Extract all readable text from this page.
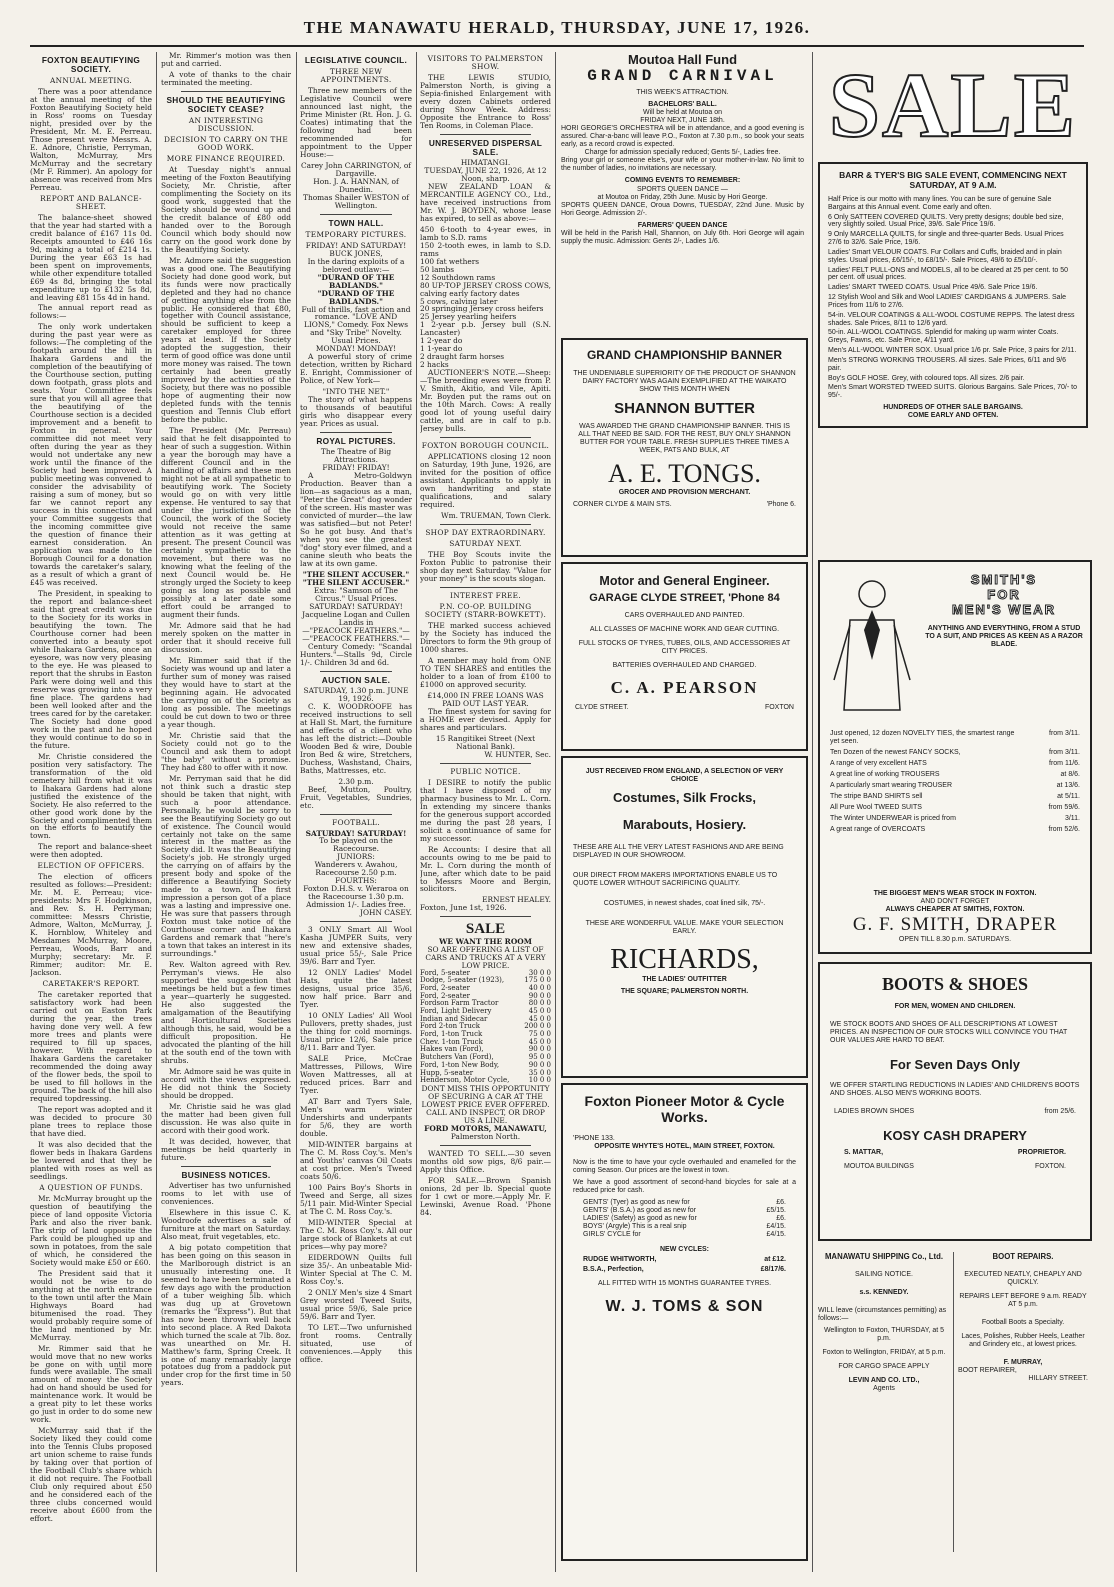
THE MANAWATU HERALD, THURSDAY, JUNE 17, 1926.
FOXTON BEAUTIFYING SOCIETY.
ANNUAL MEETING.

There was a poor attendance at the annual meeting of the Foxton Beautifying Society held in Ross' rooms on Tuesday night, presided over by the President, Mr. M. E. Perreau. Those present were Messrs. A. E. Adnore, Christie, Perryman, Walton, McMurray, Mrs McMurray and the secretary (Mr F. Rimmer). An apology for absence was received from Mrs Perreau.

REPORT AND BALANCE-SHEET.

The balance-sheet showed that the year had started with a credit balance of £167 11s 0d. Receipts amounted to £46 16s 9d, making a total of £214 1s. During the year £63 1s had been spent on improvements, while other expenditure totalled £69 4s 8d, bringing the total expenditure up to £132 5s 8d, and leaving £81 15s 4d in hand.

The annual report read as follows:—

The only work undertaken during the past year were as follows:—The completing of the footpath around the hill in Ihakara Gardens and the completion of the beautifying of the Courthouse section, putting down footpath, grass plots and seats. Your Committee feels sure that you will all agree that the beautifying of the Courthouse section is a decided improvement and a benefit to Foxton in general. Your committee did not meet very often during the year as they would not undertake any new work until the finance of the Society had been improved. A public meeting was convened to consider the advisability of raising a sum of money, but so far we cannot report any success in this connection and your Committee suggests that the incoming committee give the question of finance their earnest consideration. An application was made to the Borough Council for a donation towards the caretaker's salary, as a result of which a grant of £45 was received.

The President, in speaking to the report and balance-sheet said that great credit was due to the Society for its works in beautifying the town. The Courthouse corner had been converted into a beauty spot while Ihakara Gardens, once an eyesore, was now very pleasing to the eye. He was pleased to report that the shrubs in Easton Park were doing well and this reserve was growing into a very fine place. The gardens had been well looked after and the trees cared for by the caretaker. The Society had done good work in the past and he hoped they would continue to do so in the future.

Mr. Christie considered the position very satisfactory. The transformation of the old cemetery hill from what it was to Ihakara Gardens had alone justified the existence of the Society. He also referred to the other good work done by the Society and complimented them on the efforts to beautify the town.

The report and balance-sheet were then adopted.

ELECTION OF OFFICERS.

The election of officers resulted as follows:—President: Mr. M. E. Perreau; vice-presidents: Mrs F. Hodgkinson, and Rev. S. H. Perryman; committee: Messrs Christie, Admore, Walton, McMurray, J. K. Hornblow, Whiteley and Mesdames McMurray, Moore, Perreau, Woods, Barr and Murphy; secretary: Mr. F. Rimmer; auditor: Mr. E. Jackson.

CARETAKER'S REPORT.

The caretaker reported that satisfactory work had been carried out on Easton Park during the year, the trees having done very well. A few more trees and plants were required to fill up spaces, however. With regard to Ihakara Gardens the caretaker recommended the doing away of the flower beds, the spoil to be used to fill hollows in the ground. The back of the hill also required topdressing.

The report was adopted and it was decided to procure 30 plane trees to replace those that have died.

It was also decided that the flower beds in Ihakara Gardens be lowered and that they be planted with roses as well as seedlings.

A QUESTION OF FUNDS.

Mr. McMurray brought up the question of beautifying the piece of land opposite Victoria Park and also the river bank. The strip of land opposite the Park could be ploughed up and sown in potatoes, from the sale of which, he considered the Society would make £50 or £60.

The President said that it would not be wise to do anything at the north entrance to the town until after the Main Highways Board had bitumenised the road. They would probably require some of the land mentioned by Mr. McMurray.

Mr. Rimmer said that he would move that no new works be gone on with until more funds were available. The small amount of money the Society had on hand should be used for maintenance work. It would be a great pity to let these works go just in order to do some new work.

McMurray said that if the Society liked they could come into the Tennis Clubs proposed art union scheme to raise funds by taking over that portion of the Football Club's share which it did not require. The Football Club only required about £50 and he considered each of the three clubs concerned would receive about £600 from the effort.

Mr. Rimmer's motion was then put and carried.

A vote of thanks to the chair terminated the meeting.

SHOULD THE BEAUTIFYING SOCIETY CEASE?
AN INTERESTING DISCUSSION.
DECISION TO CARRY ON THE GOOD WORK.
MORE FINANCE REQUIRED.

At Tuesday night's annual meeting of the Foxton Beautifying Society, Mr. Christie, after complimenting the Society on its good work, suggested that the Society should be wound up and the credit balance of £80 odd handed over to the Borough Council which body should now carry on the good work done by the Beautifying Society.

Mr. Admore said the suggestion was a good one. The Beautifying Society had done good work, but its funds were now practically depleted and they had no chance of getting anything else from the public. He considered that £80, together with Council assistance, should be sufficient to keep a caretaker employed for three years at least. If the Society adopted the suggestion, their term of good office was done until more money was raised. The town certainly had been greatly improved by the activities of the Society, but there was no possible hope of augmenting their now depleted funds with the tennis question and Tennis Club effort before the public.

The President (Mr. Perreau) said that he felt disappointed to hear of such a suggestion. Within a year the borough may have a different Council and in the handling of affairs and these men might not be at all sympathetic to beautifying work. The Society would go on with very little expense. He ventured to say that under the jurisdiction of the Council, the work of the Society would not receive the same attention as it was getting at present. The present Council was certainly sympathetic to the movement, but there was no knowing what the feeling of the next Council would be. He strongly urged the Society to keep going as long as possible and possibly at a later date some effort could be arranged to augment their funds.

Mr. Admore said that he had merely spoken on the matter in order that it should receive full discussion.

Mr. Rimmer said that if the Society was wound up and later a further sum of money was raised they would have to start at the beginning again. He advocated the carrying on of the Society as long as possible. The meetings could be cut down to two or three a year though.

Mr. Christie said that the Society could not go to the Council and ask them to adopt "the baby" without a promise. They had £80 to offer with it now.

Mr. Perryman said that he did not think such a drastic step should be taken that night, with such a poor attendance. Personally, he would be sorry to see the Beautifying Society go out of existence. The Council would certainly not take on the same interest in the matter as the Society did. It was the Beautifying Society's job. He strongly urged the carrying on of affairs by the present body and spoke of the difference a Beautifying Society made to a town. The first impression a person got of a place was a lasting and impressive one. He was sure that passers through Foxton must take notice of the Courthouse corner and Ihakara Gardens and remark that "here's a town that takes an interest in its surroundings."

Rev. Walton agreed with Rev. Perryman's views. He also supported the suggestion that meetings be held but a few times a year—quarterly he suggested. He also suggested the amalgamation of the Beautifying and Horticultural Societies although this, he said, would be a difficult proposition. He advocated the planting of the hill at the south end of the town with shrubs.

Mr. Admore said he was quite in accord with the views expressed. He did not think the Society should be dropped.

Mr. Christie said he was glad the matter had been given full discussion. He was also quite in accord with their good work.

It was decided, however, that meetings be held quarterly in future.

BUSINESS NOTICES.

Advertiser has two unfurnished rooms to let with use of conveniences.

Elsewhere in this issue C. K. Woodroofe advertises a sale of furniture at the mart on Saturday. Also meat, fruit vegetables, etc.

A big potato competition that has been going on this season in the Marlborough district is an unusually interesting one. It seemed to have been terminated a few days ago with the production of a tuber weighing 5lb. which was dug up at Grovetown (remarks the "Express"). But that has now been thrown well back into second place. A Red Dakota which turned the scale at 7lb. 8oz. was unearthed on Mr. H. Matthew's farm, Spring Creek. It is one of many remarkably large potatoes dug from a paddock put under crop for the first time in 50 years.

LEGISLATIVE COUNCIL.
THREE NEW APPOINTMENTS.

Three new members of the Legislative Council were announced last night, the Prime Minister (Rt. Hon. J. G. Coates) intimating that the following had been recommended for appointment to the Upper House:—

Carey John CARRINGTON, of Dargaville.
Hon. J. A. HANNAN, of Dunedin.
Thomas Shailer WESTON of Wellington.
TOWN HALL.
TEMPORARY PICTURES.
FRIDAY! AND SATURDAY!
BUCK JONES,
In the daring exploits of a beloved outlaw:—
"DURAND OF THE BADLANDS."
"DURAND OF THE BADLANDS."
Full of thrills, fast action and romance. "LOVE AND LIONS," Comedy. Fox News and "Sky Tribe" Novelty.
Usual Prices.
MONDAY! MONDAY!

A powerful story of crime detection, written by Richard E. Enright, Commissioner of Police, of New York—

"INTO THE NET."

The story of what happens to thousands of beautiful girls who disappear every year. Prices as usual.

ROYAL PICTURES.
The Theatre of Big Attractions.
FRIDAY! FRIDAY!

A Metro-Goldwyn Production. Beaver than a lion—as sagacious as a man, "Peter the Great" dog wonder of the screen. His master was convicted of murder—the law was satisfied—but not Peter! So he got busy. And that's when you see the greatest "dog" story ever filmed, and a canine sleuth who beats the law at its own game.

"THE SILENT ACCUSER."
"THE SILENT ACCUSER."
Extra: "Samson of The Circus." Usual Prices.
SATURDAY! SATURDAY!
Jacqueline Logan and Cullen Landis in
—"PEACOCK FEATHERS."—
—"PEACOCK FEATHERS."—

Century Comedy: "Scandal Hunters."—Stalls 9d, Circle 1/-. Children 3d and 6d.

AUCTION SALE.
SATURDAY, 1.30 p.m. JUNE 19, 1926.

C. K. WOODROOFE has received instructions to sell at Hall St. Mart, the furniture and effects of a client who has left the district:—Double Wooden Bed & wire, Double Iron Bed & wire, Stretchers, Duchess, Washstand, Chairs, Baths, Mattresses, etc.

2.30 p.m.

Beef, Mutton, Poultry, Fruit, Vegetables, Sundries, etc.

FOOTBALL.
SATURDAY! SATURDAY!
To be played on the Racecourse.
JUNIORS:
Wanderers v. Awahou, Racecourse 2.50 p.m.
FOURTHS:
Foxton D.H.S. v. Weraroa on the Racecourse 1.30 p.m.
Admission 1/-. Ladies free.
JOHN CASEY.

3 ONLY Smart All Wool Kasha JUMPER Suits, very new and extensive shades, usual price 55/-, Sale Price 39/6. Barr and Tyer.

12 ONLY Ladies' Model Hats, quite the latest designs, usual price 35/6, now half price. Barr and Tyer.

10 ONLY Ladies' All Wool Pullovers, pretty shades, just the thing for cold mornings. Usual price 12/6, Sale price 8/11. Barr and Tyer.

SALE Price, McCrae Mattresses, Pillows, Wire Woven Mattresses, all at reduced prices. Barr and Tyer.

AT Barr and Tyers Sale, Men's warm winter Undershirts and underpants for 5/6, they are worth double.

MID-WINTER bargains at The C. M. Ross Coy.'s. Men's and Youths' canvas Oil Coats at cost price. Men's Tweed coats 50/6.

100 Pairs Boy's Shorts in Tweed and Serge, all sizes 5/11 pair. Mid-Winter Special at The C. M. Ross Coy.'s.

MID-WINTER Special at The C. M. Ross Coy.'s. All our large stock of Blankets at cut prices—why pay more?

EIDERDOWN Quilts full size 35/-. An unbeatable Mid-Winter Special at The C. M. Ross Coy.'s.

2 ONLY Men's size 4 Smart Grey worsted Tweed Suits, usual price 59/6, Sale price 59/6. Barr and Tyer.

TO LET.—Two unfurnished front rooms. Centrally situated, use of conveniences.—Apply this office.

VISITORS TO PALMERSTON SHOW.

THE LEWIS STUDIO, Palmerston North, is giving a Sepia-finished Enlargement with every dozen Cabinets ordered during Show Week. Address: Opposite the Entrance to Ross' Ten Rooms, in Coleman Place.

UNRESERVED DISPERSAL SALE.
HIMATANGI.
TUESDAY, JUNE 22, 1926, At 12 Noon, sharp.

NEW ZEALAND LOAN & MERCANTILE AGENCY CO., Ltd., have received instructions from Mr. W. J. BOYDEN, whose lease has expired, to sell as above:—

450 6-tooth to 4-year ewes, in lamb to S.D. rams
150 2-tooth ewes, in lamb to S.D. rams
100 fat wethers
50 lambs
12 Southdown rams
80 UP-TOP JERSEY CROSS COWS, calving early factory dates
5 cows, calving later
20 springing Jersey cross heifers
25 Jersey yearling heifers
1 2-year p.b. Jersey bull (S.N. Lancaster)
1 2-year do
1 1-year do
2 draught farm horses
2 hacks

AUCTIONEER'S NOTE.—Sheep: —The breeding ewes were from P. V. Smith, Akitio, and Vile, Apiti. Mr. Boyden put the rams out on the 10th March. Cows: A really good lot of young useful dairy cattle, and are in calf to p.b. Jersey bulls.

FOXTON BOROUGH COUNCIL.

APPLICATIONS closing 12 noon on Saturday, 19th June, 1926, are invited for the position of office assistant. Applicants to apply in own handwriting and state qualifications, and salary required.

Wm. TRUEMAN, Town Clerk.
SHOP DAY EXTRAORDINARY.
SATURDAY NEXT.

THE Boy Scouts invite the Foxton Public to patronise their shop day next Saturday. "Value for your money" is the scouts slogan.

INTEREST FREE.
P.N. CO-OP. BUILDING SOCIETY (STARR-BOWKETT).

THE marked success achieved by the Society has induced the Directors to form the 9th group of 1000 shares.

A member may hold from ONE TO TEN SHARES and entitles the holder to a loan of from £100 to £1000 on approved security.

£14,000 IN FREE LOANS WAS PAID OUT LAST YEAR.

The finest system for saving for a HOME ever devised. Apply for shares and particulars.

15 Rangitikei Street (Next National Bank).
W. HUNTER, Sec.
PUBLIC NOTICE.

I DESIRE to notify the public that I have disposed of my pharmacy business to Mr. L. Corn. In extending my sincere thanks for the generous support accorded me during the past 28 years, I solicit a continuance of same for my successor.

Re Accounts: I desire that all accounts owing to me be paid to Mr. L. Corn during the month of June, after which date to be paid to Messrs Moore and Bergin, solicitors.

ERNEST HEALEY.
Foxton, June 1st, 1926.
SALE
WE WANT THE ROOM
SO ARE OFFERING A LIST OF CARS AND TRUCKS AT A VERY LOW PRICE.
Ford, 5-seater	30 0 0
Dodge, 5-seater (1923),	175 0 0
Ford, 2-seater	40 0 0
Ford, 2-seater	90 0 0
Fordson Farm Tractor	80 0 0
Ford, Light Delivery	45 0 0
Indian and Sidecar	45 0 0
Ford 2-ton Truck	200 0 0
Ford, 1-ton Truck	75 0 0
Chev. 1-ton Truck	45 0 0
Hakes van (Ford),	90 0 0
Butchers Van (Ford),	95 0 0
Ford, 1-ton New Body,	90 0 0
Hupp, 5-seater	35 0 0
Henderson, Motor Cycle,	10 0 0
DONT MISS THIS OPPORTUNITY OF SECURING A CAR AT THE LOWEST PRICE EVER OFFERED. CALL AND INSPECT, OR DROP US A LINE.
FORD MOTORS, MANAWATU,
Palmerston North.

WANTED TO SELL.—30 seven months old sow pigs, 8/6 pair.—Apply this Office.

FOR SALE.—Brown Spanish onions, 2d per lb. Special quote for 1 cwt or more.—Apply Mr. F. Lewinski, Avenue Road. 'Phone 84.

Moutoa Hall Fund
GRAND CARNIVAL
THIS WEEK'S ATTRACTION.
BACHELORS' BALL.
Will be held at Moutoa on
FRIDAY NEXT, JUNE 18th.
HORI GEORGE'S ORCHESTRA will be in attendance, and a good evening is assured. Char-a-banc will leave P.O., Foxton at 7.30 p.m., so book your seats early, as a record crowd is expected.
Charge for admission specially reduced; Gents 5/-, Ladies free.
Bring your girl or someone else's, your wife or your mother-in-law. No limit to the number of ladies, no invitations are necessary.
COMING EVENTS TO REMEMBER:
SPORTS QUEEN DANCE —
at Moutoa on Friday, 25th June. Music by Hori George.
SPORTS QUEEN DANCE, Oroua Downs, TUESDAY, 22nd June. Music by Hori George. Admission 2/-.
FARMERS' QUEEN DANCE
Will be held in the Parish Hall, Shannon, on July 6th. Hori George will again supply the music. Admission: Gents 2/-, Ladies 1/6.
GRAND CHAMPIONSHIP BANNER
THE UNDENIABLE SUPERIORITY OF THE PRODUCT OF SHANNON DAIRY FACTORY WAS AGAIN EXEMPLIFIED AT THE WAIKATO SHOW THIS MONTH WHEN
SHANNON BUTTER
WAS AWARDED THE GRAND CHAMPIONSHIP BANNER. THIS IS ALL THAT NEED BE SAID. FOR THE REST, BUY ONLY SHANNON BUTTER FOR YOUR TABLE. FRESH SUPPLIES THREE TIMES A WEEK, PATS AND BULK, AT
A. E. TONGS.
GROCER AND PROVISION MERCHANT.
CORNER CLYDE & MAIN STS.	'Phone 6.
Motor and General Engineer.
GARAGE CLYDE STREET, 'Phone 84
CARS OVERHAULED AND PAINTED.
ALL CLASSES OF MACHINE WORK AND GEAR CUTTING.
FULL STOCKS OF TYRES, TUBES, OILS, AND ACCESSORIES AT CITY PRICES.
BATTERIES OVERHAULED AND CHARGED.
C. A. PEARSON
CLYDE STREET.	FOXTON
JUST RECEIVED FROM ENGLAND, A SELECTION OF VERY CHOICE
Costumes, Silk Frocks,
Marabouts, Hosiery.
THESE ARE ALL THE VERY LATEST FASHIONS AND ARE BEING DISPLAYED IN OUR SHOWROOM.
OUR DIRECT FROM MAKERS IMPORTATIONS ENABLE US TO QUOTE LOWER WITHOUT SACRIFICING QUALITY.
COSTUMES, in newest shades, coat lined silk, 75/-.
THESE ARE WONDERFUL VALUE. MAKE YOUR SELECTION EARLY.
RICHARDS,
THE LADIES' OUTFITTER
THE SQUARE; PALMERSTON NORTH.
Foxton Pioneer Motor & Cycle Works.
'PHONE 133.
OPPOSITE WHYTE'S HOTEL, MAIN STREET, FOXTON.
Now is the time to have your cycle overhauled and enamelled for the coming Season. Our prices are the lowest in town.
We have a good assortment of second-hand bicycles for sale at a reduced price for cash.
GENTS' (Tyer) as good as new for	£6.
GENTS' (B.S.A.) as good as new for	£5/15.
LADIES' (Safety) as good as new for	£6.
BOYS' (Argyle) This is a real snip	£4/15.
GIRLS' CYCLE for	£4/15.
NEW CYCLES:
RUDGE WHITWORTH,	at £12.
B.S.A., Perfection,	£8/17/6.
ALL FITTED WITH 15 MONTHS GUARANTEE TYRES.
W. J. TOMS & SON
SALE
BARR & TYER'S BIG SALE EVENT, COMMENCING NEXT SATURDAY, AT 9 A.M.
Half Price is our motto with many lines. You can be sure of genuine Sale Bargains at this Annual event. Come early and often.
6 Only SATTEEN COVERED QUILTS. Very pretty designs; double bed size, very slightly soiled. Usual Price, 39/6. Sale Price 19/6.
9 Only MARCELLA QUILTS, for single and three-quarter Beds. Usual Prices 27/6 to 32/6. Sale Price, 19/6.
Ladies' Smart VELOUR COATS. Fur Collars and Cuffs, braided and in plain styles. Usual prices, £6/15/-, to £8/15/-. Sale Prices, 49/6 to £5/10/-.
Ladies' FELT PULL-ONS and MODELS, all to be cleared at 25 per cent. to 50 per cent. off usual prices.
Ladies' SMART TWEED COATS. Usual Price 49/6. Sale Price 19/6.
12 Stylish Wool and Silk and Wool LADIES' CARDIGANS & JUMPERS. Sale Prices from 11/6 to 27/6.
54-in. VELOUR COATINGS & ALL-WOOL COSTUME REPPS. The latest dress shades. Sale Prices, 8/11 to 12/6 yard.
50-in. ALL-WOOL COATINGS. Splendid for making up warm winter Coats. Greys, Fawns, etc. Sale Price, 4/11 yard.
Men's ALL-WOOL WINTER SOX. Usual price 1/6 pr. Sale Price, 3 pairs for 2/11.
Men's STRONG WORKING TROUSERS. All sizes. Sale Prices, 6/11 and 9/6 pair.
Boy's GOLF HOSE. Grey, with coloured tops. All sizes. 2/6 pair.
Men's Smart WORSTED TWEED SUITS. Glorious Bargains. Sale Prices, 70/- to 95/-.
HUNDREDS OF OTHER SALE BARGAINS.
COME EARLY AND OFTEN.
SMITH'S
FOR
MEN'S WEAR
ANYTHING AND EVERYTHING, FROM A STUD TO A SUIT, AND PRICES AS KEEN AS A RAZOR BLADE.
Just opened, 12 dozen NOVELTY TIES, the smartest range yet seen.
from 3/11.
Ten Dozen of the newest FANCY SOCKS,	from 3/11.
A range of very excellent HATS	from 11/6.
A great line of working TROUSERS	at 8/6.
A particularly smart wearing TROUSER	at 13/6.
The stripe BAND SHIRTS sell	at 5/11.
All Pure Wool TWEED SUITS	from 59/6.
The Winter UNDERWEAR is priced from	3/11.
A great range of OVERCOATS	from 52/6.
THE BIGGEST MEN'S WEAR STOCK IN FOXTON.
AND DON'T FORGET
ALWAYS CHEAPER AT SMITHS, FOXTON.
G. F. SMITH, DRAPER
OPEN TILL 8.30 p.m. SATURDAYS.
BOOTS & SHOES
FOR MEN, WOMEN AND CHILDREN.
WE STOCK BOOTS AND SHOES OF ALL DESCRIPTIONS AT LOWEST PRICES. AN INSPECTION OF OUR STOCKS WILL CONVINCE YOU THAT OUR VALUES ARE HARD TO BEAT.
For Seven Days Only
WE OFFER STARTLING REDUCTIONS IN LADIES' AND CHILDREN'S BOOTS AND SHOES. ALSO MEN'S WORKING BOOTS.
LADIES BROWN SHOES	from 25/6.
KOSY CASH DRAPERY
S. MATTAR,	PROPRIETOR.
MOUTOA BUILDINGS	FOXTON.
MANAWATU SHIPPING Co., Ltd.
SAILING NOTICE.
s.s. KENNEDY.
WILL leave (circumstances permitting) as follows:—
Wellington to Foxton, THURSDAY, at 5 p.m.
Foxton to Wellington, FRIDAY, at 5 p.m.
FOR CARGO SPACE APPLY
LEVIN AND CO. LTD.,
Agents
BOOT REPAIRS.
EXECUTED NEATLY, CHEAPLY AND QUICKLY.
REPAIRS LEFT BEFORE 9 a.m. READY AT 5 p.m.
Football Boots a Specialty.
Laces, Polishes, Rubber Heels, Leather and Grindery etc., at lowest prices.
F. MURRAY,
BOOT REPAIRER,
HILLARY STREET.
